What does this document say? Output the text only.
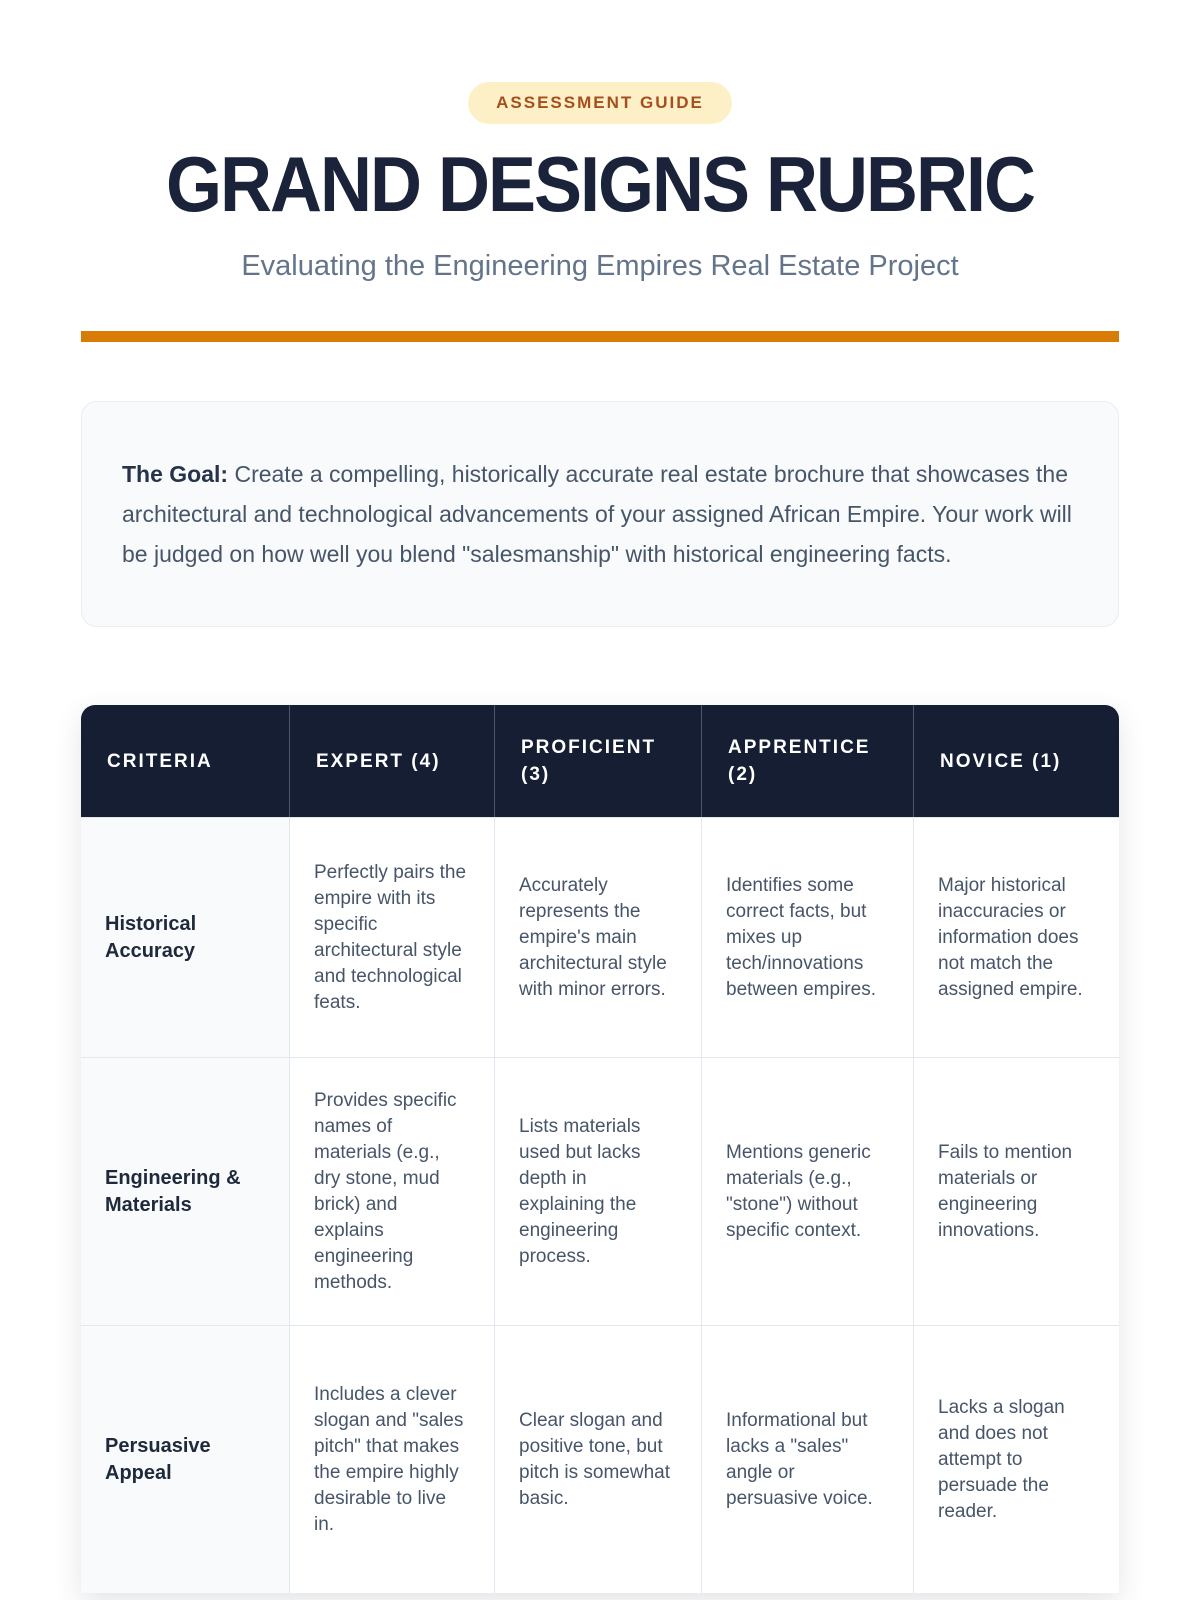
ASSESSMENT GUIDE
GRAND DESIGNS RUBRIC

Evaluating the Engineering Empires Real Estate Project

The Goal: Create a compelling, historically accurate real estate brochure that showcases the architectural and technological advancements of your assigned African Empire. Your work will be judged on how well you blend "salesmanship" with historical engineering facts.

CRITERIA	EXPERT (4)	PROFICIENT (3)	APPRENTICE (2)	NOVICE (1)
Historical Accuracy	Perfectly pairs the empire with its specific architectural style and technological feats.	Accurately represents the empire's main architectural style with minor errors.	Identifies some correct facts, but mixes up tech/innovations between empires.	Major historical inaccuracies or information does not match the assigned empire.
Engineering & Materials	Provides specific names of materials (e.g., dry stone, mud brick) and explains engineering methods.	Lists materials used but lacks depth in explaining the engineering process.	Mentions generic materials (e.g., "stone") without specific context.	Fails to mention materials or engineering innovations.
Persuasive Appeal	Includes a clever slogan and "sales pitch" that makes the empire highly desirable to live in.	Clear slogan and positive tone, but pitch is somewhat basic.	Informational but lacks a "sales" angle or persuasive voice.	Lacks a slogan and does not attempt to persuade the reader.
